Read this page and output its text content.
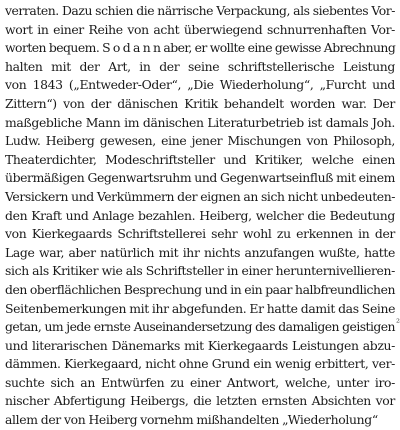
verraten. Dazu schien die närrische Verpackung, als siebentes Vor-
wort in einer Reihe von acht überwiegend schnurrenhaften Vor-
worten bequem. S o d a n n aber, er wollte eine gewisse Abrechnung
halten mit der Art, in der seine schriftstellerische Leistung
von 1843 („Entweder-Oder“, „Die Wiederholung“, „Furcht und
Zittern“) von der dänischen Kritik behandelt worden war. Der
maßgebliche Mann im dänischen Literaturbetrieb ist damals Joh.
Ludw. Heiberg gewesen, eine jener Mischungen von Philosoph,
Theaterdichter, Modeschriftsteller und Kritiker, welche einen
übermäßigen Gegenwartsruhm und Gegenwartseinfluß mit einem
Versickern und Verkümmern der eignen an sich nicht unbedeuten-
den Kraft und Anlage bezahlen. Heiberg, welcher die Bedeutung
von Kierkegaards Schriftstellerei sehr wohl zu erkennen in der
Lage war, aber natürlich mit ihr nichts anzufangen wußte, hatte
sich als Kritiker wie als Schriftsteller in einer herunternivellieren-
den oberflächlichen Besprechung und in ein paar halbfreundlichen
Seitenbemerkungen mit ihr abgefunden. Er hatte damit das Seine
getan, um jede ernste Auseinandersetzung des damaligen geistigen
und literarischen Dänemarks mit Kierkegaards Leistungen abzu-
dämmen. Kierkegaard, nicht ohne Grund ein wenig erbittert, ver-
suchte sich an Entwürfen zu einer Antwort, welche, unter iro-
nischer Abfertigung Heibergs, die letzten ernsten Absichten vor
allem der von Heiberg vornehm mißhandelten „Wiederholung“
²
